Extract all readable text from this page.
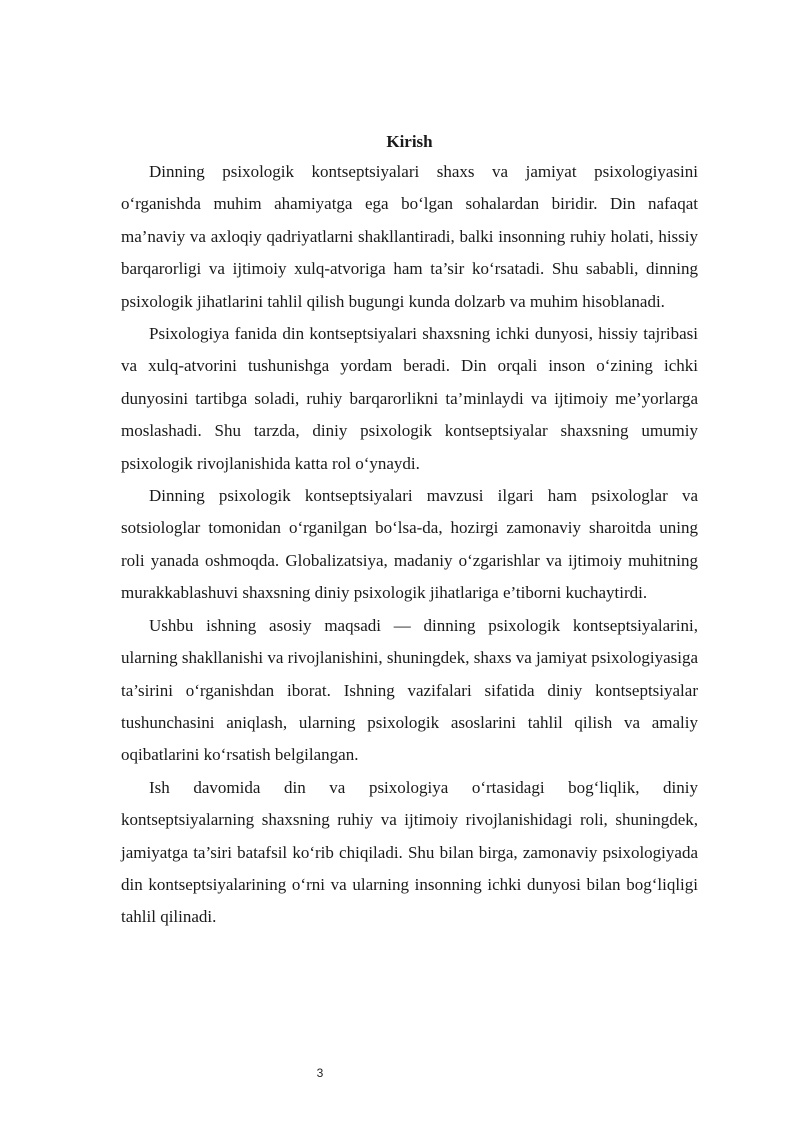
Kirish

Dinning psixologik kontseptsiyalari shaxs va jamiyat psixologiyasini o‘rganishda muhim ahamiyatga ega bo‘lgan sohalardan biridir. Din nafaqat ma’naviy va axloqiy qadriyatlarni shakllantiradi, balki insonning ruhiy holati, hissiy barqarorligi va ijtimoiy xulq-atvoriga ham ta’sir ko‘rsatadi. Shu sababli, dinning psixologik jihatlarini tahlil qilish bugungi kunda dolzarb va muhim hisoblanadi.

Psixologiya fanida din kontseptsiyalari shaxsning ichki dunyosi, hissiy tajribasi va xulq-atvorini tushunishga yordam beradi. Din orqali inson o‘zining ichki dunyosini tartibga soladi, ruhiy barqarorlikni ta’minlaydi va ijtimoiy me’yorlarga moslashadi. Shu tarzda, diniy psixologik kontseptsiyalar shaxsning umumiy psixologik rivojlanishida katta rol o‘ynaydi.

Dinning psixologik kontseptsiyalari mavzusi ilgari ham psixologlar va sotsiologlar tomonidan o‘rganilgan bo‘lsa-da, hozirgi zamonaviy sharoitda uning roli yanada oshmoqda. Globalizatsiya, madaniy o‘zgarishlar va ijtimoiy muhitning murakkablashuvi shaxsning diniy psixologik jihatlariga e’tiborni kuchaytirdi.

Ushbu ishning asosiy maqsadi — dinning psixologik kontseptsiyalarini, ularning shakllanishi va rivojlanishini, shuningdek, shaxs va jamiyat psixologiyasiga ta’sirini o‘rganishdan iborat. Ishning vazifalari sifatida diniy kontseptsiyalar tushunchasini aniqlash, ularning psixologik asoslarini tahlil qilish va amaliy oqibatlarini ko‘rsatish belgilangan.

Ish davomida din va psixologiya o‘rtasidagi bog‘liqlik, diniy kontseptsiyalarning shaxsning ruhiy va ijtimoiy rivojlanishidagi roli, shuningdek, jamiyatga ta’siri batafsil ko‘rib chiqiladi. Shu bilan birga, zamonaviy psixologiyada din kontseptsiyalarining o‘rni va ularning insonning ichki dunyosi bilan bog‘liqligi tahlil qilinadi.

3
